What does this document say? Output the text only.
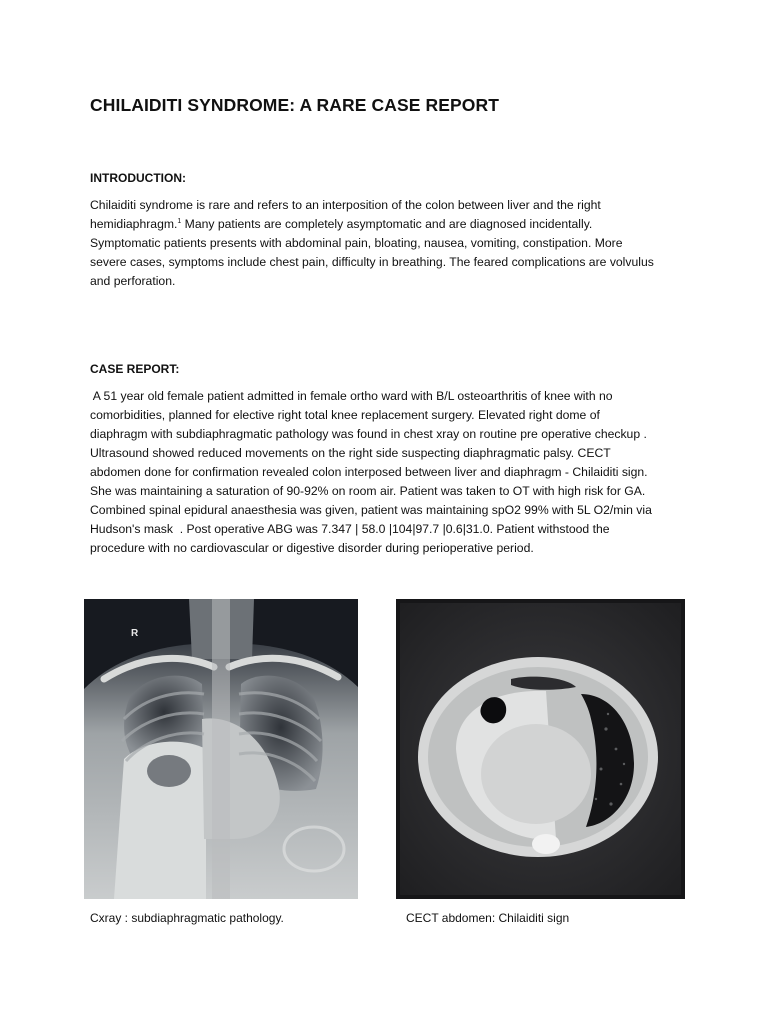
CHILAIDITI SYNDROME: A RARE CASE REPORT
INTRODUCTION:
Chilaiditi syndrome is rare and refers to an interposition of the colon between liver and the right
hemidiaphragm.$^1$ Many patients are completely asymptomatic and are diagnosed incidentally.
Symptomatic patients presents with abdominal pain, bloating, nausea, vomiting, constipation. More
severe cases, symptoms include chest pain, difficulty in breathing. The feared complications are volvulus
and perforation.
CASE REPORT:
A 51 year old female patient admitted in female ortho ward with B/L osteoarthritis of knee with no
comorbidities, planned for elective right total knee replacement surgery. Elevated right dome of
diaphragm with subdiaphragmatic pathology was found in chest xray on routine pre operative checkup .
Ultrasound showed reduced movements on the right side suspecting diaphragmatic palsy. CECT
abdomen done for confirmation revealed colon interposed between liver and diaphragm - Chilaiditi sign.
She was maintaining a saturation of 90-92% on room air. Patient was taken to OT with high risk for GA.
Combined spinal epidural anaesthesia was given, patient was maintaining spO2 99% with 5L O2/min via
Hudson's mask  . Post operative ABG was 7.347 | 58.0 |104|97.7 |0.6|31.0. Patient withstood the
procedure with no cardiovascular or digestive disorder during perioperative period.
R
Cxray : subdiaphragmatic pathology.	CECT abdomen: Chilaiditi sign
